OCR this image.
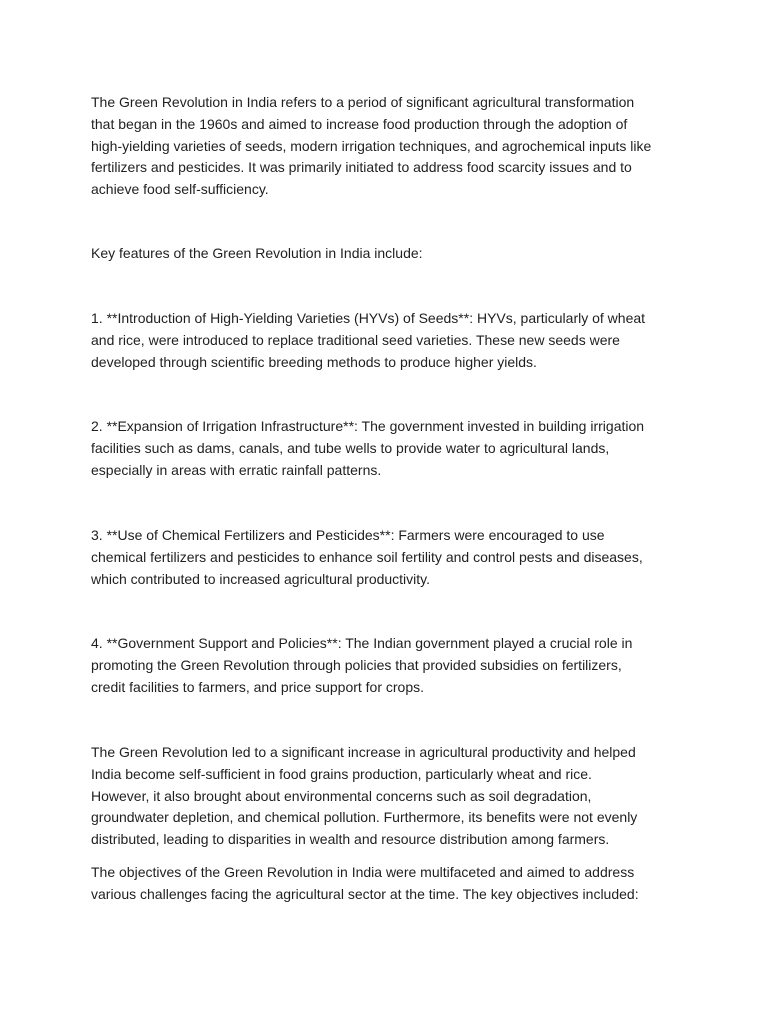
The Green Revolution in India refers to a period of significant agricultural transformation
that began in the 1960s and aimed to increase food production through the adoption of
high-yielding varieties of seeds, modern irrigation techniques, and agrochemical inputs like
fertilizers and pesticides. It was primarily initiated to address food scarcity issues and to
achieve food self-sufficiency.

Key features of the Green Revolution in India include:

1. **Introduction of High-Yielding Varieties (HYVs) of Seeds**: HYVs, particularly of wheat
and rice, were introduced to replace traditional seed varieties. These new seeds were
developed through scientific breeding methods to produce higher yields.

2. **Expansion of Irrigation Infrastructure**: The government invested in building irrigation
facilities such as dams, canals, and tube wells to provide water to agricultural lands,
especially in areas with erratic rainfall patterns.

3. **Use of Chemical Fertilizers and Pesticides**: Farmers were encouraged to use
chemical fertilizers and pesticides to enhance soil fertility and control pests and diseases,
which contributed to increased agricultural productivity.

4. **Government Support and Policies**: The Indian government played a crucial role in
promoting the Green Revolution through policies that provided subsidies on fertilizers,
credit facilities to farmers, and price support for crops.

The Green Revolution led to a significant increase in agricultural productivity and helped
India become self-sufficient in food grains production, particularly wheat and rice.
However, it also brought about environmental concerns such as soil degradation,
groundwater depletion, and chemical pollution. Furthermore, its benefits were not evenly
distributed, leading to disparities in wealth and resource distribution among farmers.

The objectives of the Green Revolution in India were multifaceted and aimed to address
various challenges facing the agricultural sector at the time. The key objectives included:
